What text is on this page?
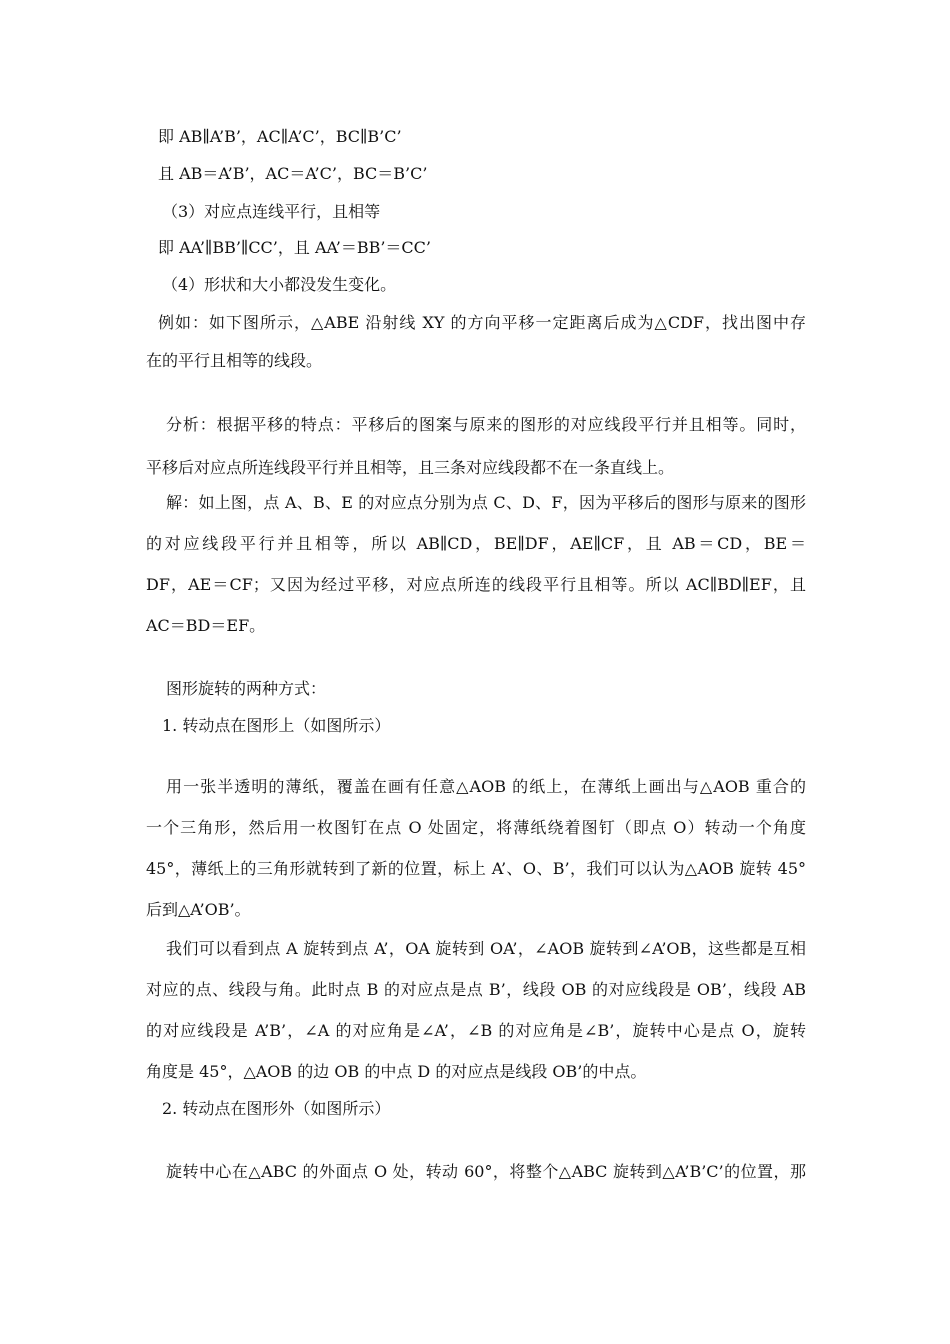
即 AB∥A’B’，AC∥A’C’，BC∥B’C’
且 AB＝A’B’，AC＝A’C’，BC＝B’C’
（3）对应点连线平行，且相等
即 AA’∥BB’∥CC’，且 AA’＝BB’＝CC’
（4）形状和大小都没发生变化。
例如：如下图所示，△ABE 沿射线 XY 的方向平移一定距离后成为△CDF，找出图中存
在的平行且相等的线段。
分析：根据平移的特点：平移后的图案与原来的图形的对应线段平行并且相等。同时，
平移后对应点所连线段平行并且相等，且三条对应线段都不在一条直线上。
解：如上图，点 A、B、E 的对应点分别为点 C、D、F，因为平移后的图形与原来的图形
的对应线段平行并且相等，所以 AB∥CD，BE∥DF，AE∥CF，且 AB＝CD，BE＝
DF，AE＝CF；又因为经过平移，对应点所连的线段平行且相等。所以 AC∥BD∥EF，且
AC＝BD＝EF。
图形旋转的两种方式：
1. 转动点在图形上（如图所示）
用一张半透明的薄纸，覆盖在画有任意△AOB 的纸上，在薄纸上画出与△AOB 重合的
一个三角形，然后用一枚图钉在点 O 处固定，将薄纸绕着图钉（即点 O）转动一个角度
45°，薄纸上的三角形就转到了新的位置，标上 A’、O、B’，我们可以认为△AOB 旋转 45°
后到△A’OB’。
我们可以看到点 A 旋转到点 A’，OA 旋转到 OA’，∠AOB 旋转到∠A’OB，这些都是互相
对应的点、线段与角。此时点 B 的对应点是点 B’，线段 OB 的对应线段是 OB’，线段 AB
的对应线段是 A’B’，∠A 的对应角是∠A’，∠B 的对应角是∠B’，旋转中心是点 O，旋转
角度是 45°，△AOB 的边 OB 的中点 D 的对应点是线段 OB’的中点。
2. 转动点在图形外（如图所示）
旋转中心在△ABC 的外面点 O 处，转动 60°，将整个△ABC 旋转到△A’B’C’的位置，那
